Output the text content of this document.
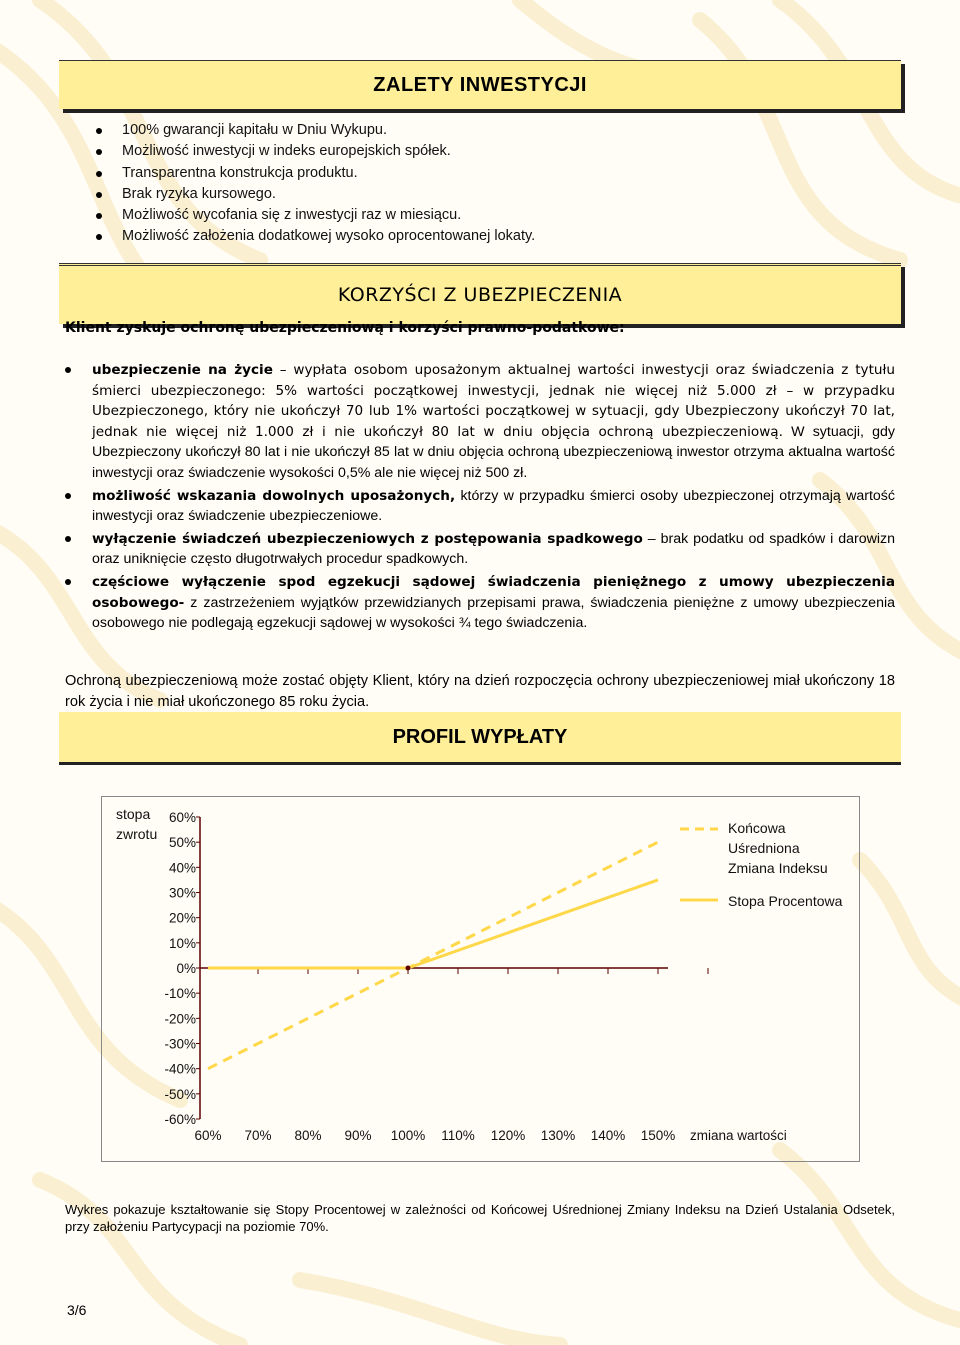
ZALETY INWESTYCJI
100% gwarancji kapitału w Dniu Wykupu.
Możliwość inwestycji w indeks europejskich spółek.
Transparentna konstrukcja produktu.
Brak ryzyka kursowego.
Możliwość wycofania się z inwestycji raz w miesiącu.
Możliwość założenia dodatkowej wysoko oprocentowanej lokaty.
KORZYŚCI Z UBEZPIECZENIA
Klient zyskuje ochronę ubezpieczeniową i korzyści prawno-podatkowe:
ubezpieczenie na życie – wypłata osobom uposażonym aktualnej wartości inwestycji oraz świadczenia z tytułu śmierci ubezpieczonego: 5% wartości początkowej inwestycji, jednak nie więcej niż 5.000 zł – w przypadku Ubezpieczonego, który nie ukończył 70 lub 1% wartości początkowej w sytuacji, gdy Ubezpieczony ukończył 70 lat, jednak nie więcej niż 1.000 zł i nie ukończył 80 lat w dniu objęcia ochroną ubezpieczeniową. W sytuacji, gdy Ubezpieczony ukończył 80 lat i nie ukończył 85 lat w dniu objęcia ochroną ubezpieczeniową inwestor otrzyma aktualna wartość inwestycji oraz świadczenie wysokości 0,5% ale nie więcej niż 500 zł.
możliwość wskazania dowolnych uposażonych, którzy w przypadku śmierci osoby ubezpieczonej otrzymają wartość inwestycji oraz świadczenie ubezpieczeniowe.
wyłączenie świadczeń ubezpieczeniowych z postępowania spadkowego – brak podatku od spadków i darowizn oraz uniknięcie często długotrwałych procedur spadkowych.
częściowe wyłączenie spod egzekucji sądowej świadczenia pieniężnego z umowy ubezpieczenia osobowego- z zastrzeżeniem wyjątków przewidzianych przepisami prawa, świadczenia pieniężne z umowy ubezpieczenia osobowego nie podlegają egzekucji sądowej w wysokości ¾ tego świadczenia.
Ochroną ubezpieczeniową może zostać objęty Klient, który na dzień rozpoczęcia ochrony ubezpieczeniowej miał ukończony 18 rok życia i nie miał ukończonego 85 roku życia.
PROFIL WYPŁATY
60%
50%
40%
30%
20%
10%
0%
-10%
-20%
-30%
-40%
-50%
-60%
stopa
zwrotu
60% 70% 80% 90% 100% 110% 120% 130% 140% 150% zmiana wartości
Końcowa
Uśredniona
Zmiana Indeksu
Stopa Procentowa
Wykres pokazuje kształtowanie się Stopy Procentowej w zależności od Końcowej Uśrednionej Zmiany Indeksu na Dzień Ustalania Odsetek, przy założeniu Partycypacji na poziomie 70%.
3/6
